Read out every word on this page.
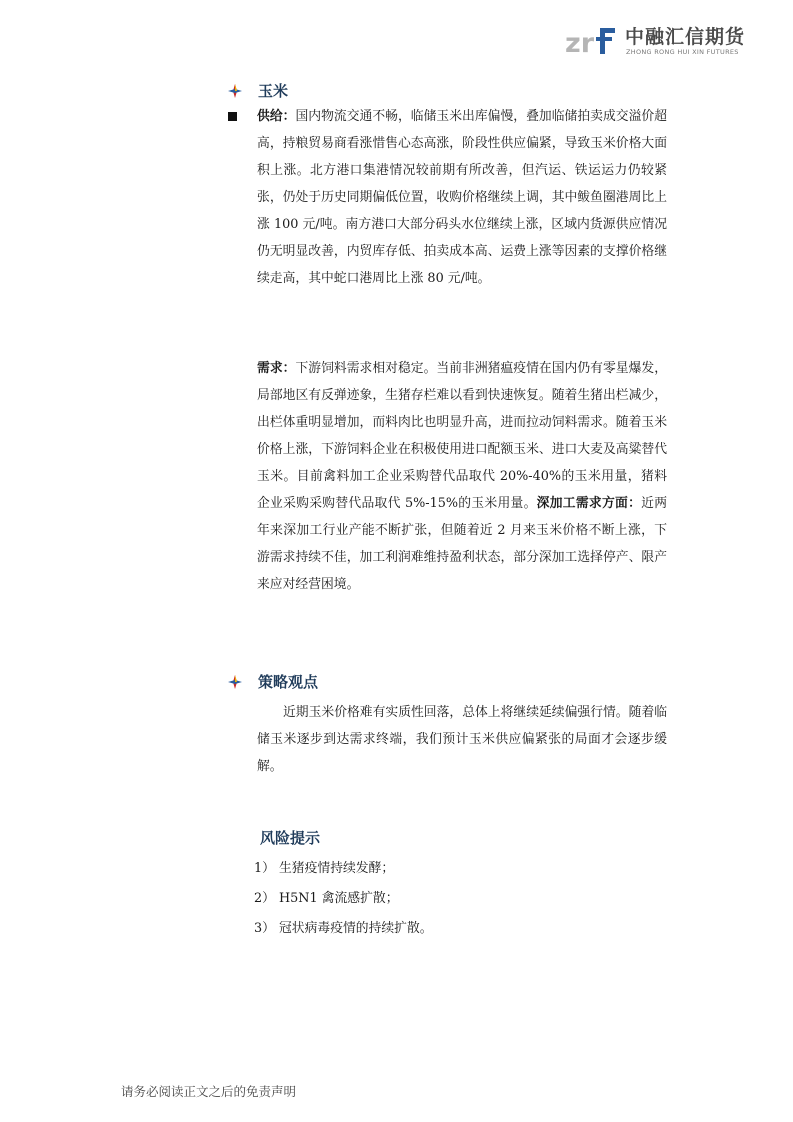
zr 中融汇信期货
ZHONG RONG HUI XIN FUTURES
玉米

供给：国内物流交通不畅，临储玉米出库偏慢，叠加临储拍卖成交溢价超高，持粮贸易商看涨惜售心态高涨，阶段性供应偏紧，导致玉米价格大面积上涨。北方港口集港情况较前期有所改善，但汽运、铁运运力仍较紧张，仍处于历史同期偏低位置，收购价格继续上调，其中鲅鱼圈港周比上涨 100 元/吨。南方港口大部分码头水位继续上涨，区域内货源供应情况仍无明显改善，内贸库存低、拍卖成本高、运费上涨等因素的支撑价格继续走高，其中蛇口港周比上涨 80 元/吨。

需求：下游饲料需求相对稳定。当前非洲猪瘟疫情在国内仍有零星爆发，局部地区有反弹迹象，生猪存栏难以看到快速恢复。随着生猪出栏减少，出栏体重明显增加，而料肉比也明显升高，进而拉动饲料需求。随着玉米价格上涨，下游饲料企业在积极使用进口配额玉米、进口大麦及高粱替代玉米。目前禽料加工企业采购替代品取代 20%-40%的玉米用量，猪料企业采购采购替代品取代 5%-15%的玉米用量。深加工需求方面：近两年来深加工行业产能不断扩张，但随着近 2 月来玉米价格不断上涨，下游需求持续不佳，加工利润难维持盈利状态，部分深加工选择停产、限产来应对经营困境。

策略观点

近期玉米价格难有实质性回落，总体上将继续延续偏强行情。随着临储玉米逐步到达需求终端，我们预计玉米供应偏紧张的局面才会逐步缓解。

风险提示
1） 生猪疫情持续发酵；
2） H5N1 禽流感扩散；
3） 冠状病毒疫情的持续扩散。
请务必阅读正文之后的免责声明
